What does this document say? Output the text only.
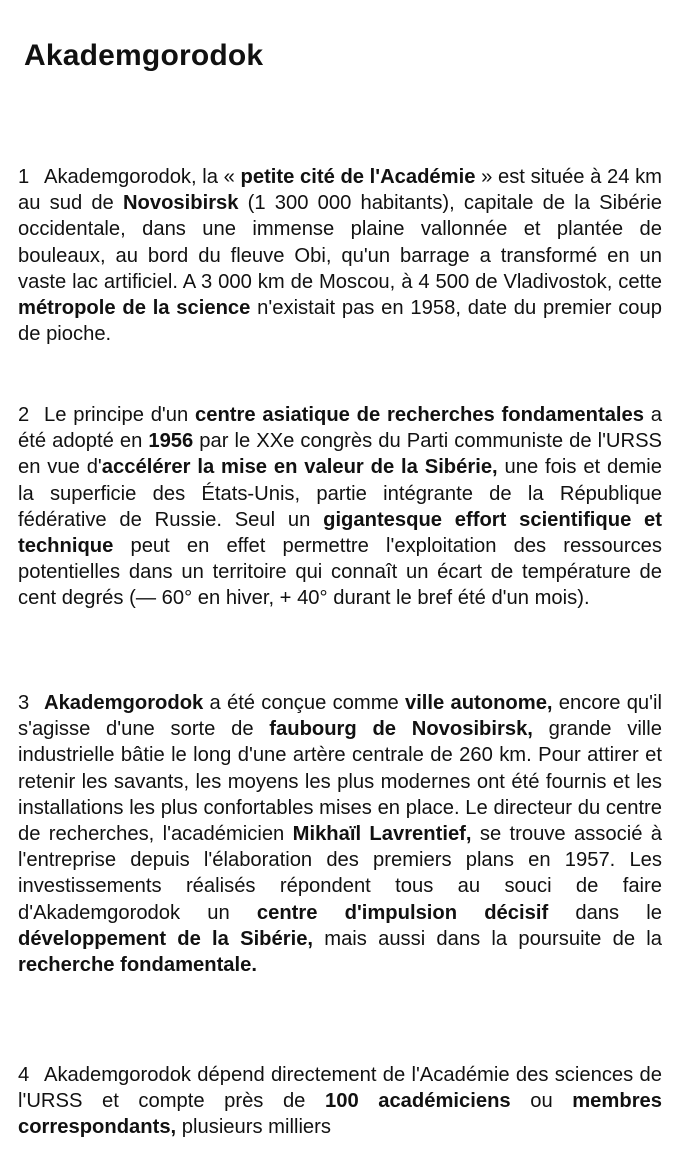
Akademgorodok

1 Akademgorodok, la « petite cité de l'Académie » est située à 24 km au sud de Novosibirsk (1 300 000 habitants), capitale de la Sibérie occidentale, dans une immense plaine vallonnée et plantée de bouleaux, au bord du fleuve Obi, qu'un barrage a transformé en un vaste lac artificiel. A 3 000 km de Moscou, à 4 500 de Vladivostok, cette métropole de la science n'existait pas en 1958, date du premier coup de pioche.

2 Le principe d'un centre asiatique de recherches fondamentales a été adopté en 1956 par le XXe congrès du Parti communiste de l'URSS en vue d'accélérer la mise en valeur de la Sibérie, une fois et demie la superficie des États-Unis, partie intégrante de la République fédérative de Russie. Seul un gigantesque effort scientifique et technique peut en effet permettre l'exploitation des ressources potentielles dans un territoire qui connaît un écart de température de cent degrés (— 60° en hiver, + 40° durant le bref été d'un mois).

3 Akademgorodok a été conçue comme ville autonome, encore qu'il s'agisse d'une sorte de faubourg de Novosibirsk, grande ville industrielle bâtie le long d'une artère centrale de 260 km. Pour attirer et retenir les savants, les moyens les plus modernes ont été fournis et les installations les plus confortables mises en place. Le directeur du centre de recherches, l'académicien Mikhaïl Lavrentief, se trouve associé à l'entreprise depuis l'élaboration des premiers plans en 1957. Les investissements réalisés répondent tous au souci de faire d'Akademgorodok un centre d'impulsion décisif dans le développement de la Sibérie, mais aussi dans la poursuite de la recherche fondamentale.

4 Akademgorodok dépend directement de l'Académie des sciences de l'URSS et compte près de 100 académiciens ou membres correspondants, plusieurs milliers
